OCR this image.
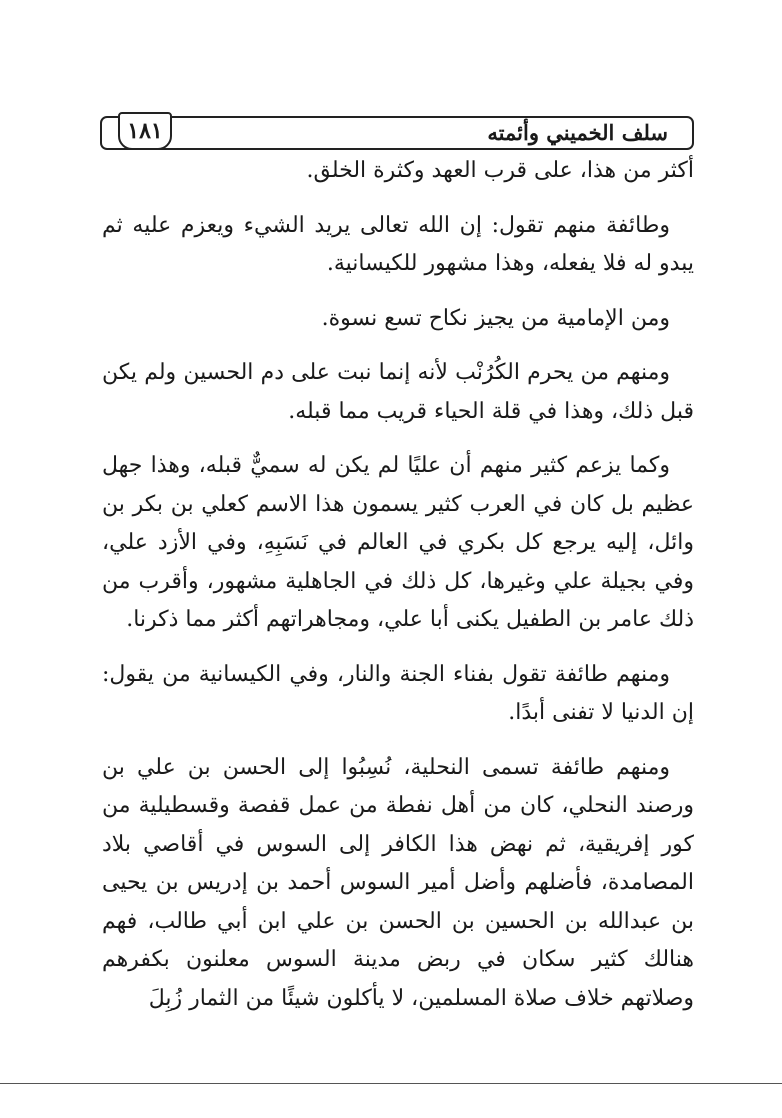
١٨١	سلف الخميني وأئمته

أكثر من هذا، على قرب العهد وكثرة الخلق.

وطائفة منهم تقول: إن الله تعالى يريد الشيء ويعزم عليه ثم يبدو له فلا يفعله، وهذا مشهور للكيسانية.

ومن الإمامية من يجيز نكاح تسع نسوة.

ومنهم من يحرم الكُرُنْب لأنه إنما نبت على دم الحسين ولم يكن قبل ذلك، وهذا في قلة الحياء قريب مما قبله.

وكما يزعم كثير منهم أن عليًا لم يكن له سميٌّ قبله، وهذا جهل عظيم بل كان في العرب كثير يسمون هذا الاسم كعلي بن بكر بن وائل، إليه يرجع كل بكري في العالم في نَسَبِهِ، وفي الأزد علي، وفي بجيلة علي وغيرها، كل ذلك في الجاهلية مشهور، وأقرب من ذلك عامر بن الطفيل يكنى أبا علي، ومجاهراتهم أكثر مما ذكرنا.

ومنهم طائفة تقول بفناء الجنة والنار، وفي الكيسانية من يقول: إن الدنيا لا تفنى أبدًا.

ومنهم طائفة تسمى النحلية، نُسِبُوا إلى الحسن بن علي بن ورصند النحلي، كان من أهل نفطة من عمل قفصة وقسطيلية من كور إفريقية، ثم نهض هذا الكافر إلى السوس في أقاصي بلاد المصامدة، فأضلهم وأضل أمير السوس أحمد بن إدريس بن يحيى بن عبدالله بن الحسين بن الحسن بن علي ابن أبي طالب، فهم هنالك كثير سكان في ربض مدينة السوس معلنون بكفرهم وصلاتهم خلاف صلاة المسلمين، لا يأكلون شيئًا من الثمار زُبِلَ
